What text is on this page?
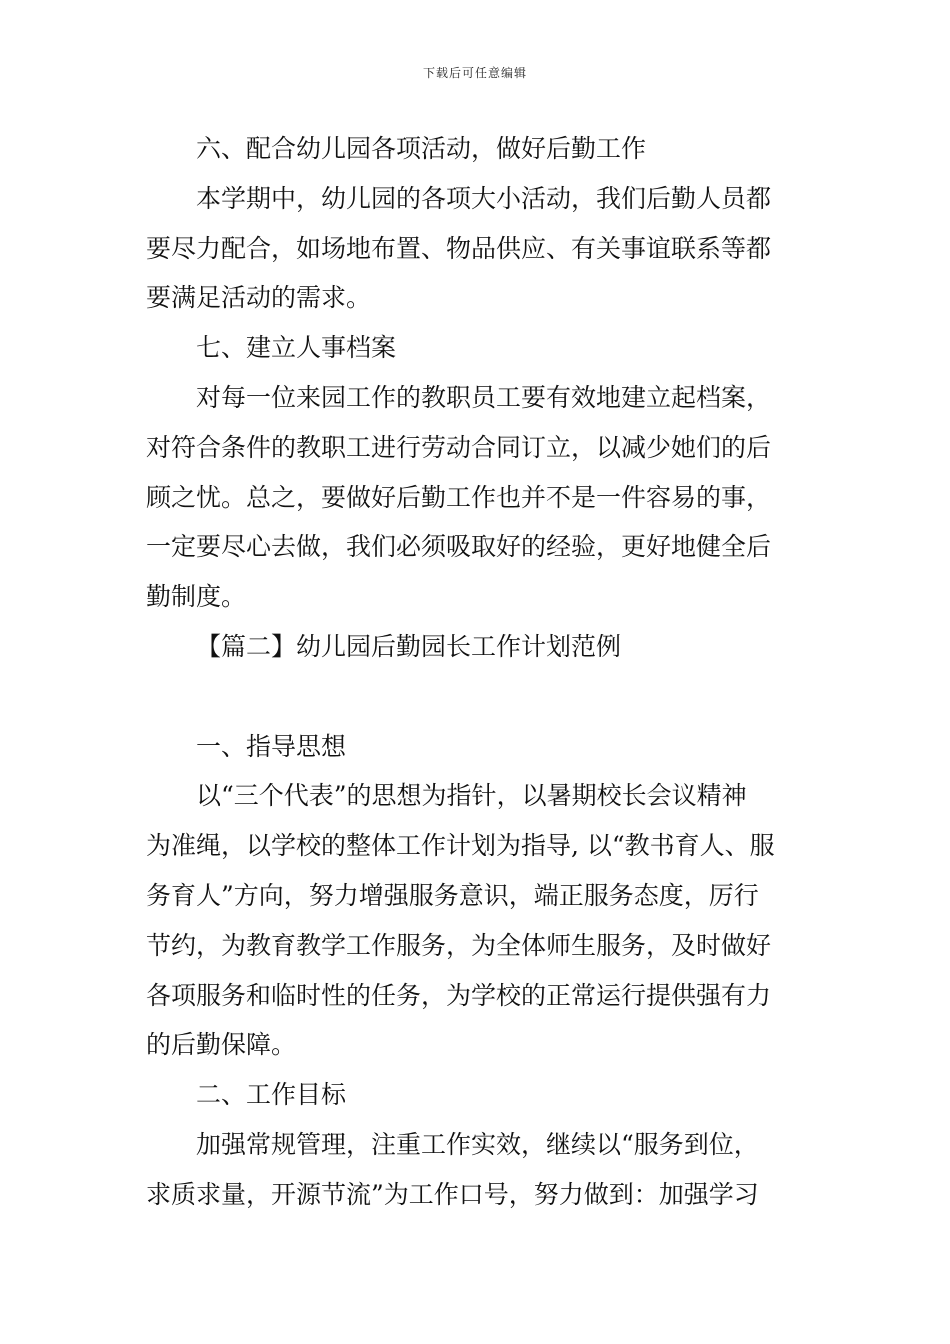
下载后可任意编辑

六、配合幼儿园各项活动，做好后勤工作

本学期中，幼儿园的各项大小活动，我们后勤人员都
要尽力配合，如场地布置、物品供应、有关事谊联系等都
要满足活动的需求。

七、建立人事档案

对每一位来园工作的教职员工要有效地建立起档案，
对符合条件的教职工进行劳动合同订立，以减少她们的后
顾之忧。总之，要做好后勤工作也并不是一件容易的事，
一定要尽心去做，我们必须吸取好的经验，更好地健全后
勤制度。

【篇二】幼儿园后勤园长工作计划范例

一、指导思想

以“三个代表”的思想为指针，以暑期校长会议精神
为准绳，以学校的整体工作计划为指导, 以“教书育人、服
务育人”方向，努力增强服务意识，端正服务态度，厉行
节约，为教育教学工作服务，为全体师生服务，及时做好
各项服务和临时性的任务，为学校的正常运行提供强有力
的后勤保障。

二、工作目标

加强常规管理，注重工作实效，继续以“服务到位，
求质求量，开源节流”为工作口号，努力做到：加强学习
